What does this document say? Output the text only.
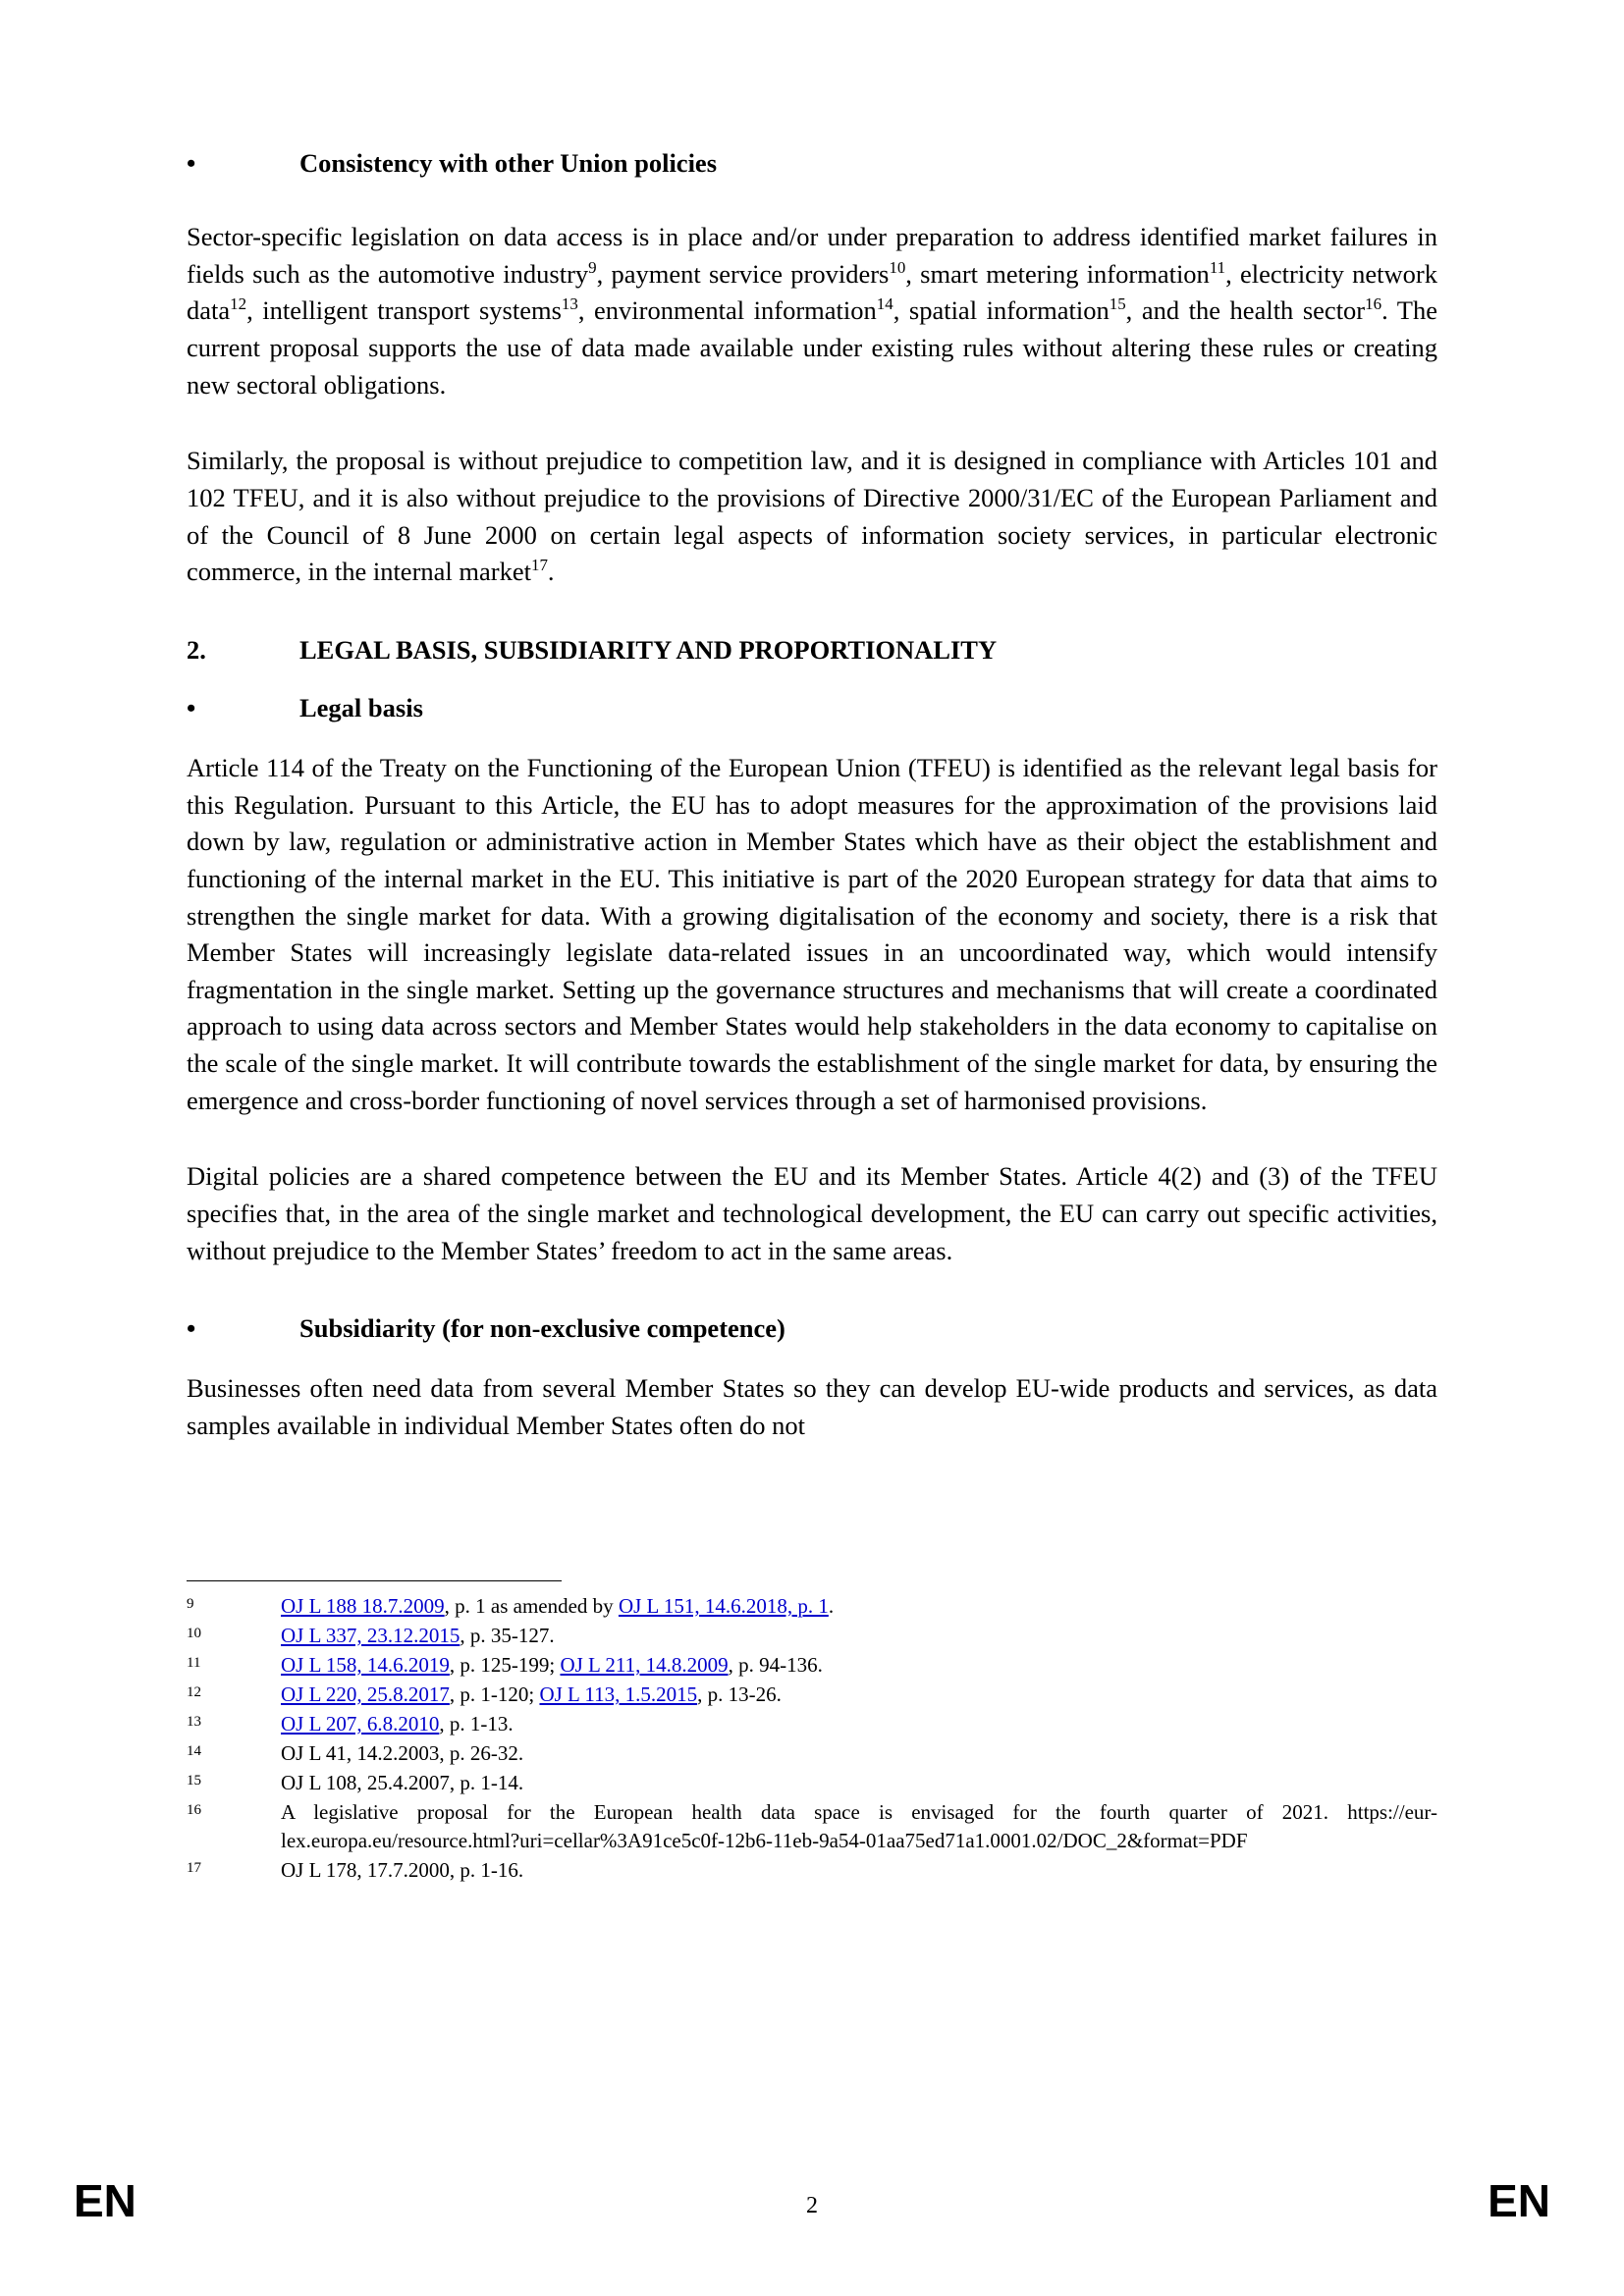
•	Consistency with other Union policies

Sector-specific legislation on data access is in place and/or under preparation to address identified market failures in fields such as the automotive industry$^9$, payment service providers$^{10}$, smart metering information$^{11}$, electricity network data$^{12}$, intelligent transport systems$^{13}$, environmental information$^{14}$, spatial information$^{15}$, and the health sector$^{16}$. The current proposal supports the use of data made available under existing rules without altering these rules or creating new sectoral obligations.

Similarly, the proposal is without prejudice to competition law, and it is designed in compliance with Articles 101 and 102 TFEU, and it is also without prejudice to the provisions of Directive 2000/31/EC of the European Parliament and of the Council of 8 June 2000 on certain legal aspects of information society services, in particular electronic commerce, in the internal market$^{17}$.

2.	LEGAL BASIS, SUBSIDIARITY AND PROPORTIONALITY
•	Legal basis

Article 114 of the Treaty on the Functioning of the European Union (TFEU) is identified as the relevant legal basis for this Regulation. Pursuant to this Article, the EU has to adopt measures for the approximation of the provisions laid down by law, regulation or administrative action in Member States which have as their object the establishment and functioning of the internal market in the EU. This initiative is part of the 2020 European strategy for data that aims to strengthen the single market for data. With a growing digitalisation of the economy and society, there is a risk that Member States will increasingly legislate data-related issues in an uncoordinated way, which would intensify fragmentation in the single market. Setting up the governance structures and mechanisms that will create a coordinated approach to using data across sectors and Member States would help stakeholders in the data economy to capitalise on the scale of the single market. It will contribute towards the establishment of the single market for data, by ensuring the emergence and cross-border functioning of novel services through a set of harmonised provisions.

Digital policies are a shared competence between the EU and its Member States. Article 4(2) and (3) of the TFEU specifies that, in the area of the single market and technological development, the EU can carry out specific activities, without prejudice to the Member States’ freedom to act in the same areas.

•	Subsidiarity (for non-exclusive competence)

Businesses often need data from several Member States so they can develop EU-wide products and services, as data samples available in individual Member States often do not

9	OJ L 188 18.7.2009, p. 1 as amended by OJ L 151, 14.6.2018, p. 1.
10	OJ L 337, 23.12.2015, p. 35-127.
11	OJ L 158, 14.6.2019, p. 125-199; OJ L 211, 14.8.2009, p. 94-136.
12	OJ L 220, 25.8.2017, p. 1-120; OJ L 113, 1.5.2015, p. 13-26.
13	OJ L 207, 6.8.2010, p. 1-13.
14	OJ L 41, 14.2.2003, p. 26-32.
15	OJ L 108, 25.4.2007, p. 1-14.
16	A legislative proposal for the European health data space is envisaged for the fourth quarter of 2021. https://eur-lex.europa.eu/resource.html?uri=cellar%3A91ce5c0f-12b6-11eb-9a54-01aa75ed71a1.0001.02/DOC_2&format=PDF
17	OJ L 178, 17.7.2000, p. 1-16.
EN	2	EN
